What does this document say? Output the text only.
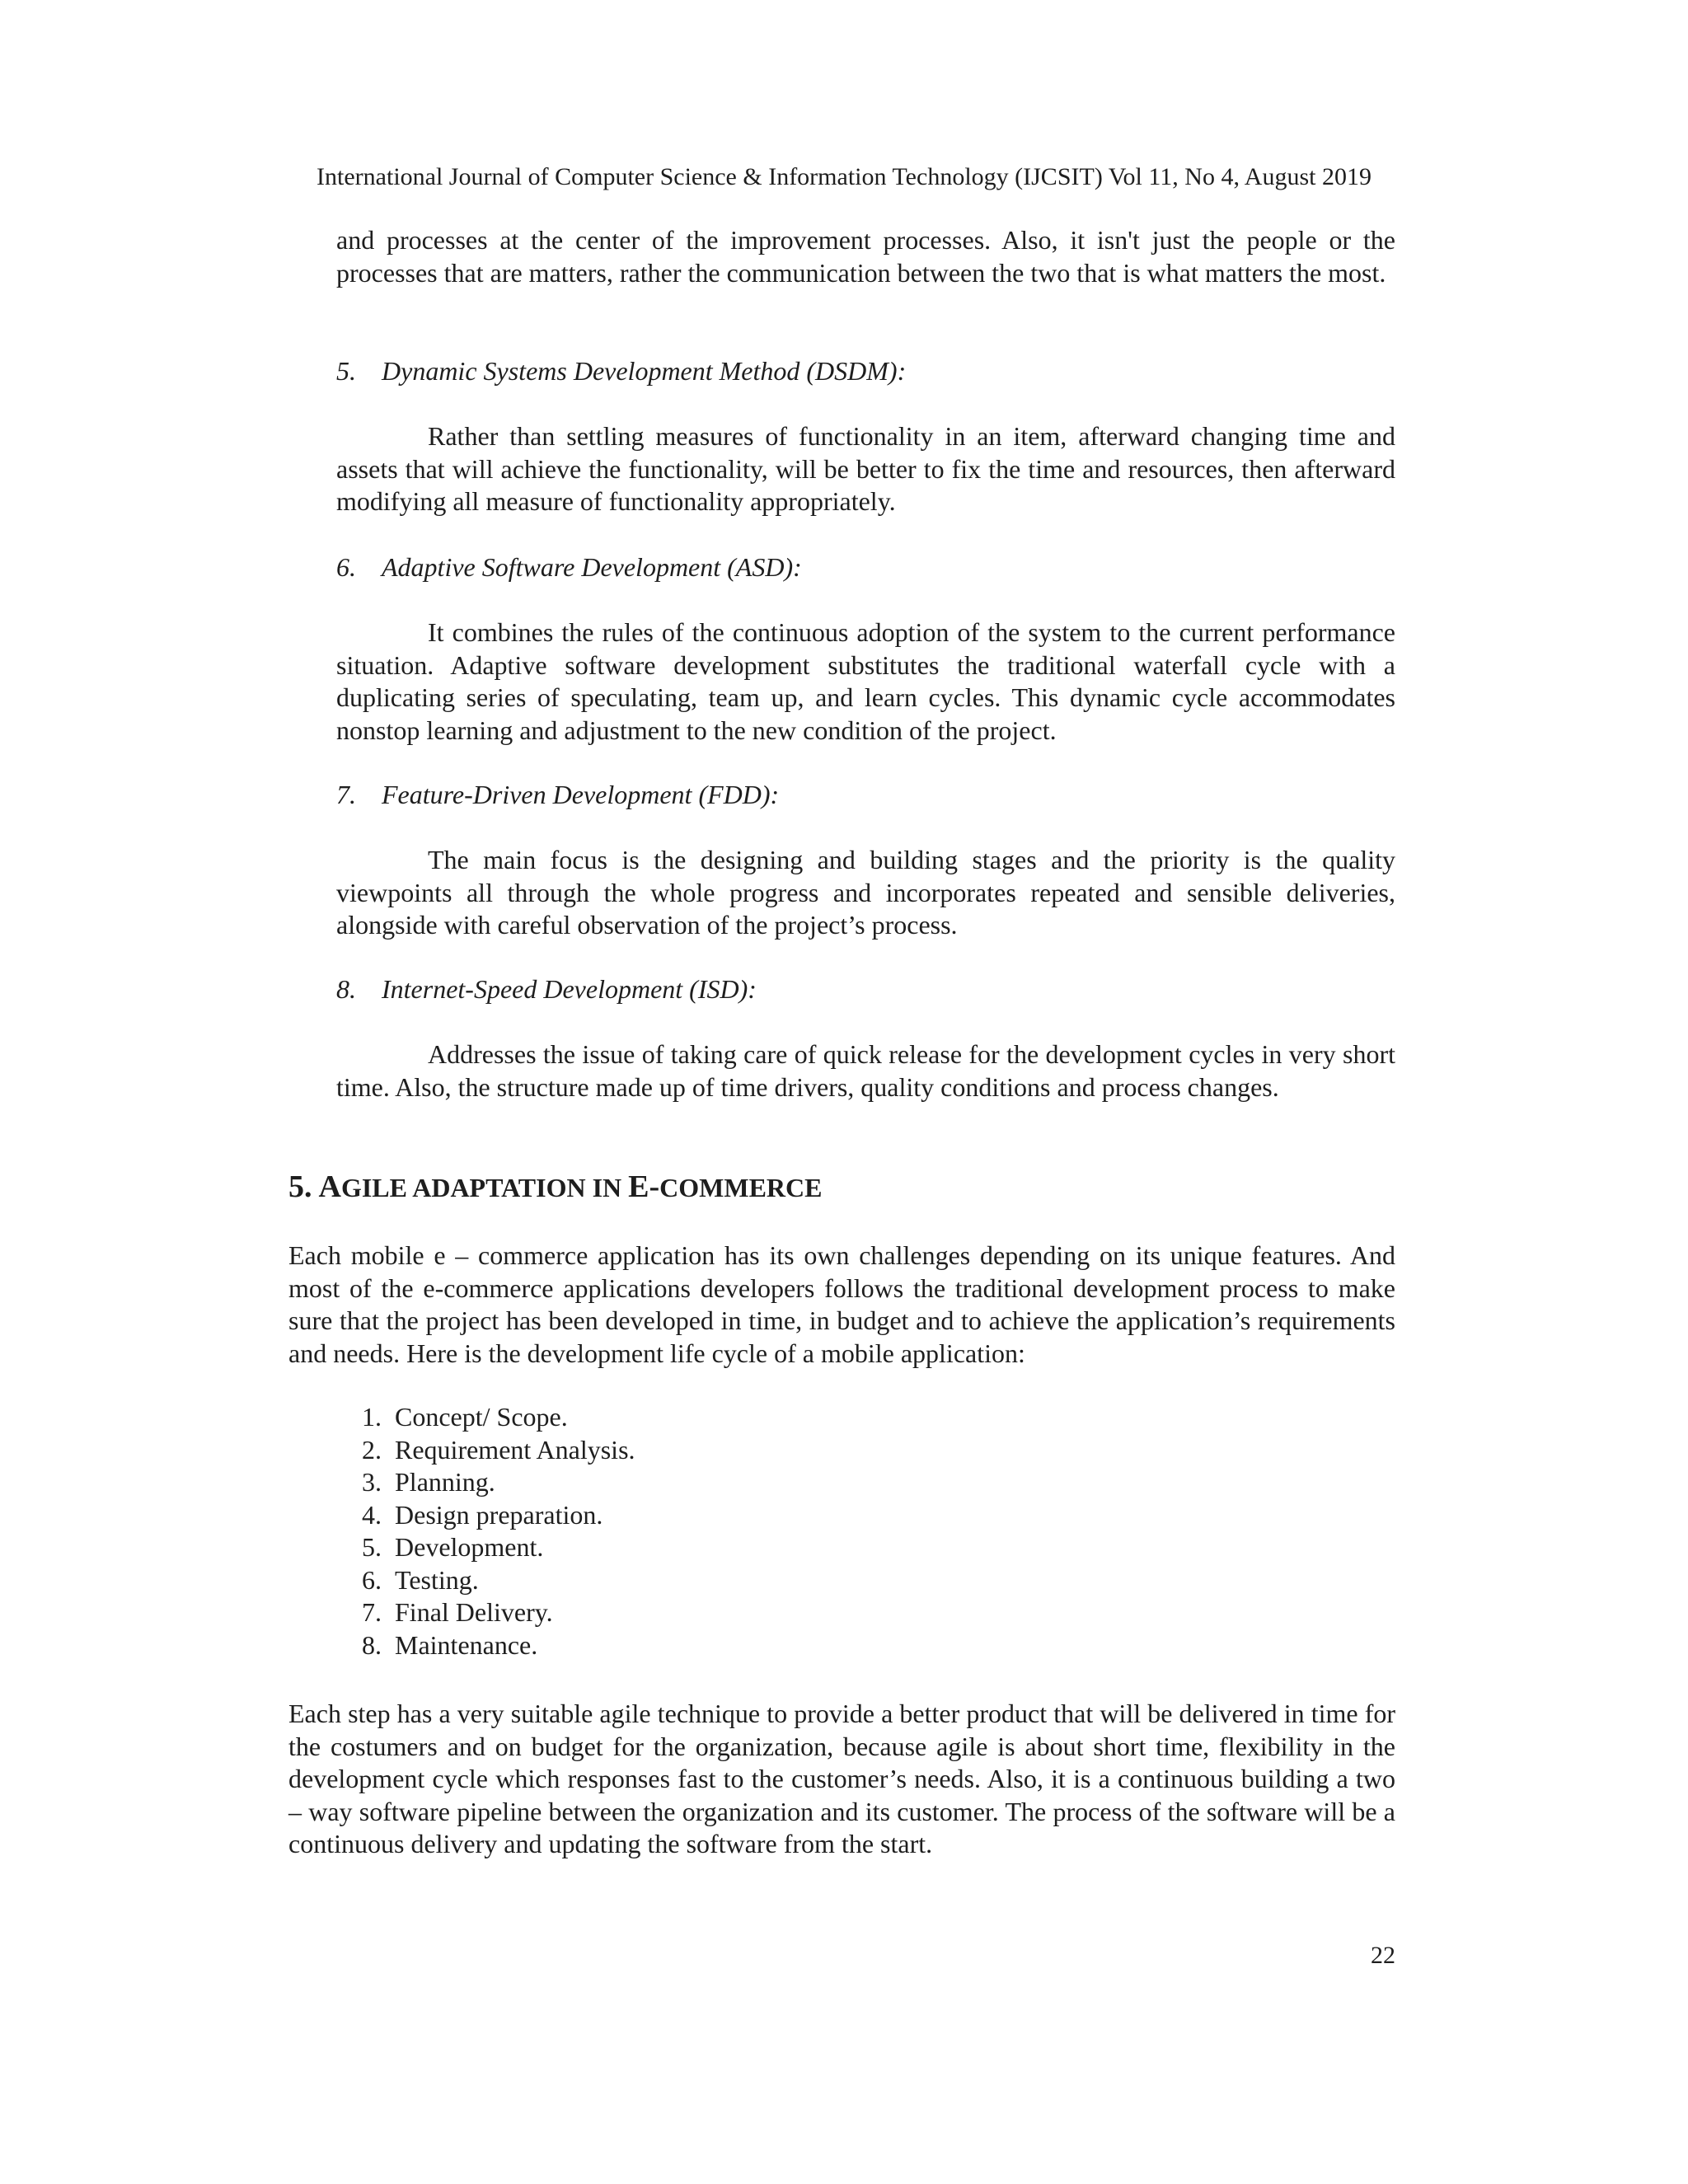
International Journal of Computer Science & Information Technology (IJCSIT) Vol 11, No 4, August 2019

and processes at the center of the improvement processes. Also, it isn't just the people or the processes that are matters, rather the communication between the two that is what matters the most.

5. Dynamic Systems Development Method (DSDM):

Rather than settling measures of functionality in an item, afterward changing time and assets that will achieve the functionality, will be better to fix the time and resources, then afterward modifying all measure of functionality appropriately.

6. Adaptive Software Development (ASD):

It combines the rules of the continuous adoption of the system to the current performance situation. Adaptive software development substitutes the traditional waterfall cycle with a duplicating series of speculating, team up, and learn cycles. This dynamic cycle accommodates nonstop learning and adjustment to the new condition of the project.

7. Feature-Driven Development (FDD):

The main focus is the designing and building stages and the priority is the quality viewpoints all through the whole progress and incorporates repeated and sensible deliveries, alongside with careful observation of the project’s process.

8. Internet-Speed Development (ISD):

Addresses the issue of taking care of quick release for the development cycles in very short time. Also, the structure made up of time drivers, quality conditions and process changes.

5. AGILE ADAPTATION IN E-COMMERCE

Each mobile e – commerce application has its own challenges depending on its unique features. And most of the e-commerce applications developers follows the traditional development process to make sure that the project has been developed in time, in budget and to achieve the application’s requirements and needs. Here is the development life cycle of a mobile application:

1. Concept/ Scope.
2. Requirement Analysis.
3. Planning.
4. Design preparation.
5. Development.
6. Testing.
7. Final Delivery.
8. Maintenance.

Each step has a very suitable agile technique to provide a better product that will be delivered in time for the costumers and on budget for the organization, because agile is about short time, flexibility in the development cycle which responses fast to the customer’s needs. Also, it is a continuous building a two – way software pipeline between the organization and its customer. The process of the software will be a continuous delivery and updating the software from the start.

22
